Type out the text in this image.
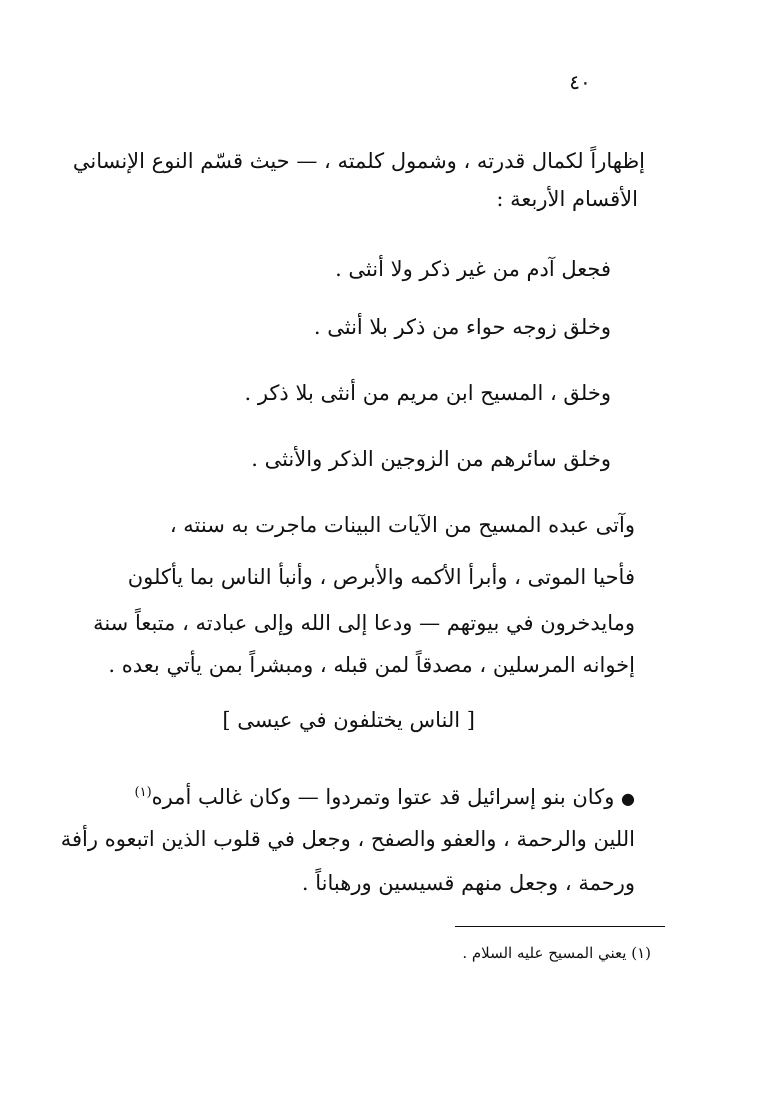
٤٠
إظهاراً لكمال قدرته ، وشمول كلمته ، — حيث قسّم النوع الإنساني
الأقسام الأربعة :
فجعل آدم من غير ذكر ولا أنثى .
وخلق زوجه حواء من ذكر بلا أنثى .
وخلق ، المسيح ابن مريم من أنثى بلا ذكر .
وخلق سائرهم من الزوجين الذكر والأنثى .
وآتى عبده المسيح من الآيات البينات ماجرت به سنته ،
فأحيا الموتى ، وأبرأ الأكمه والأبرص ، وأنبأ الناس بما يأكلون
ومايدخرون في بيوتهم — ودعا إلى الله وإلى عبادته ، متبعاً سنة
إخوانه المرسلين ، مصدقاً لمن قبله ، ومبشراً بمن يأتي بعده .
[ الناس يختلفون في عيسى ]
● وكان بنو إسرائيل قد عتوا وتمردوا — وكان غالب أمره$^{(١)}$
اللين والرحمة ، والعفو والصفح ، وجعل في قلوب الذين اتبعوه رأفة
ورحمة ، وجعل منهم قسيسين ورهباناً .
(١) يعني المسيح عليه السلام .
